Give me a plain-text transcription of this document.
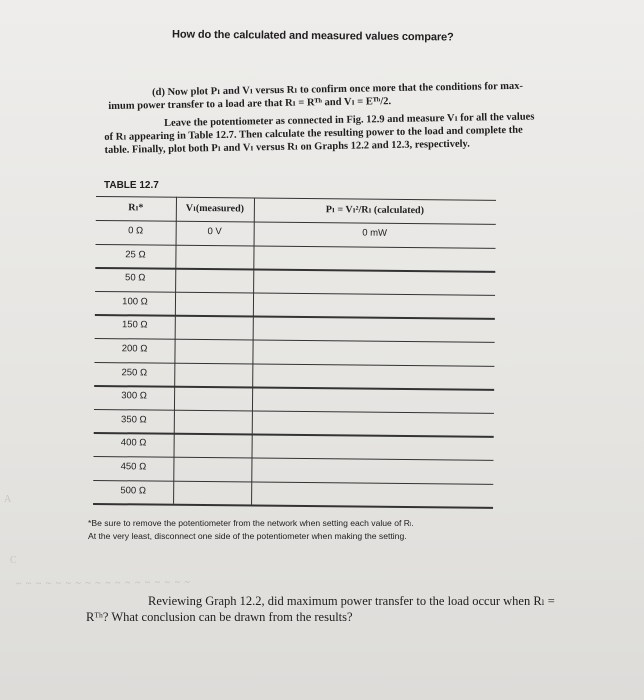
How do the calculated and measured values compare?
(d) Now plot Pₗ and Vₗ versus Rₗ to confirm once more that the conditions for max-
imum power transfer to a load are that Rₗ = Rᵀʰ and Vₗ = Eᵀʰ/2.
Leave the potentiometer as connected in Fig. 12.9 and measure Vₗ for all the values
of Rₗ appearing in Table 12.7. Then calculate the resulting power to the load and complete the
table. Finally, plot both Pₗ and Vₗ versus Rₗ on Graphs 12.2 and 12.3, respectively.
TABLE 12.7
Rₗ*	Vₗ(measured)	Pₗ = Vₗ²/Rₗ (calculated)
0 Ω	0 V	0 mW
25 Ω
50 Ω
100 Ω
150 Ω
200 Ω
250 Ω
300 Ω
350 Ω
400 Ω
450 Ω
500 Ω
A
C
~ ~ ~ ~ ~ ~ ~ ~ ~ ~ ~ ~ ~ ~ ~ ~ ~ ~
*Be sure to remove the potentiometer from the network when setting each value of Rₗ.
At the very least, disconnect one side of the potentiometer when making the setting.
Reviewing Graph 12.2, did maximum power transfer to the load occur when Rₗ =
Rᵀʰ? What conclusion can be drawn from the results?
